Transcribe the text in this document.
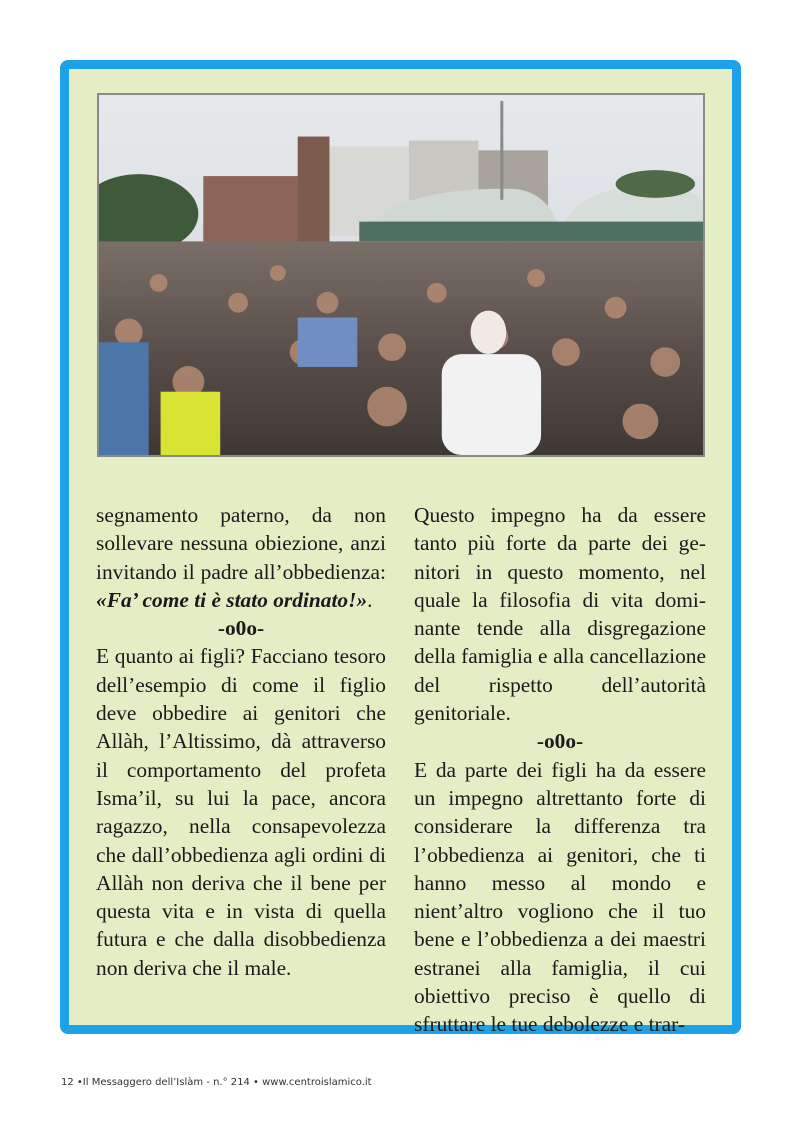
segnamento paterno, da non sollevare nessuna obiezione, anzi invitando il padre all’obbedienza: «Fa’ come ti è stato ordinato!».

-o0o-

E quanto ai figli? Facciano tesoro dell’esempio di come il figlio deve obbedire ai genitori che Allàh, l’Altissimo, dà attraverso il comportamento del profeta Isma’il, su lui la pace, ancora ragazzo, nella consapevolezza che dall’obbedienza agli ordini di Allàh non deriva che il bene per questa vita e in vista di quella futura e che dalla disobbedienza non deriva che il male.

Questo impegno ha da essere tanto più forte da parte dei genitori in questo momento, nel quale la filosofia di vita dominante tende alla disgregazione della famiglia e alla cancellazione del rispetto dell’autorità genitoriale.

-o0o-

E da parte dei figli ha da essere un impegno altrettanto forte di considerare la differenza tra l’obbedienza ai genitori, che ti hanno messo al mondo e nient’altro vogliono che il tuo bene e l’obbedienza a dei maestri estranei alla famiglia, il cui obiettivo preciso è quello di sfruttare le tue debolezze e trar-

12 •Il Messaggero dell’Islàm - n.° 214 • www.centroislamico.it
